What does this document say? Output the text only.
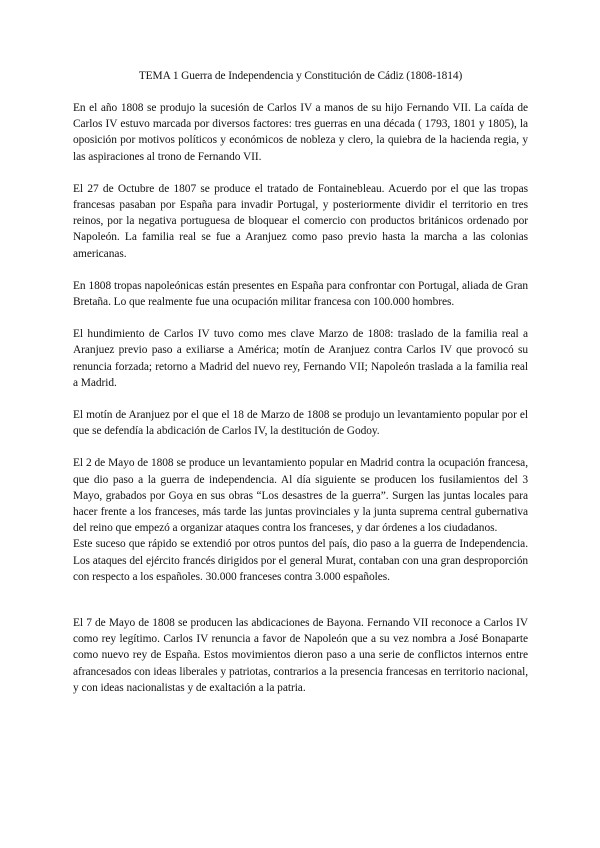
TEMA 1 Guerra de Independencia y Constitución de Cádiz (1808-1814)

En el año 1808 se produjo la sucesión de Carlos IV a manos de su hijo Fernando VII. La caída de Carlos IV estuvo marcada por diversos factores: tres guerras en una década ( 1793, 1801 y 1805), la oposición por motivos políticos y económicos de nobleza y clero, la quiebra de la hacienda regia, y las aspiraciones al trono de Fernando VII.

El 27 de Octubre de 1807 se produce el tratado de Fontainebleau. Acuerdo por el que las tropas francesas pasaban por España para invadir Portugal, y posteriormente dividir el territorio en tres reinos, por la negativa portuguesa de bloquear el comercio con productos británicos ordenado por Napoleón. La familia real se fue a Aranjuez como paso previo hasta la marcha a las colonias americanas.

En 1808 tropas napoleónicas están presentes en España para confrontar con Portugal, aliada de Gran Bretaña. Lo que realmente fue una ocupación militar francesa con 100.000 hombres.

El hundimiento de Carlos IV tuvo como mes clave Marzo de 1808: traslado de la familia real a Aranjuez previo paso a exiliarse a América; motín de Aranjuez contra Carlos IV que provocó su renuncia forzada; retorno a Madrid del nuevo rey, Fernando VII; Napoleón traslada a la familia real a Madrid.

El motín de Aranjuez por el que el 18 de Marzo de 1808 se produjo un levantamiento popular por el que se defendía la abdicación de Carlos IV, la destitución de Godoy.

El 2 de Mayo de 1808 se produce un levantamiento popular en Madrid contra la ocupación francesa, que dio paso a la guerra de independencia. Al día siguiente se producen los fusilamientos del 3 Mayo, grabados por Goya en sus obras “Los desastres de la guerra”. Surgen las juntas locales para hacer frente a los franceses, más tarde las juntas provinciales y la junta suprema central gubernativa del reino que empezó a organizar ataques contra los franceses, y dar órdenes a los ciudadanos.

Este suceso que rápido se extendió por otros puntos del país, dio paso a la guerra de Independencia. Los ataques del ejército francés dirigidos por el general Murat, contaban con una gran desproporción con respecto a los españoles. 30.000 franceses contra 3.000 españoles.

El 7 de Mayo de 1808 se producen las abdicaciones de Bayona. Fernando VII reconoce a Carlos IV como rey legítimo. Carlos IV renuncia a favor de Napoleón que a su vez nombra a José Bonaparte como nuevo rey de España. Estos movimientos dieron paso a una serie de conflictos internos entre afrancesados con ideas liberales y patriotas, contrarios a la presencia francesas en territorio nacional, y con ideas nacionalistas y de exaltación a la patria.
